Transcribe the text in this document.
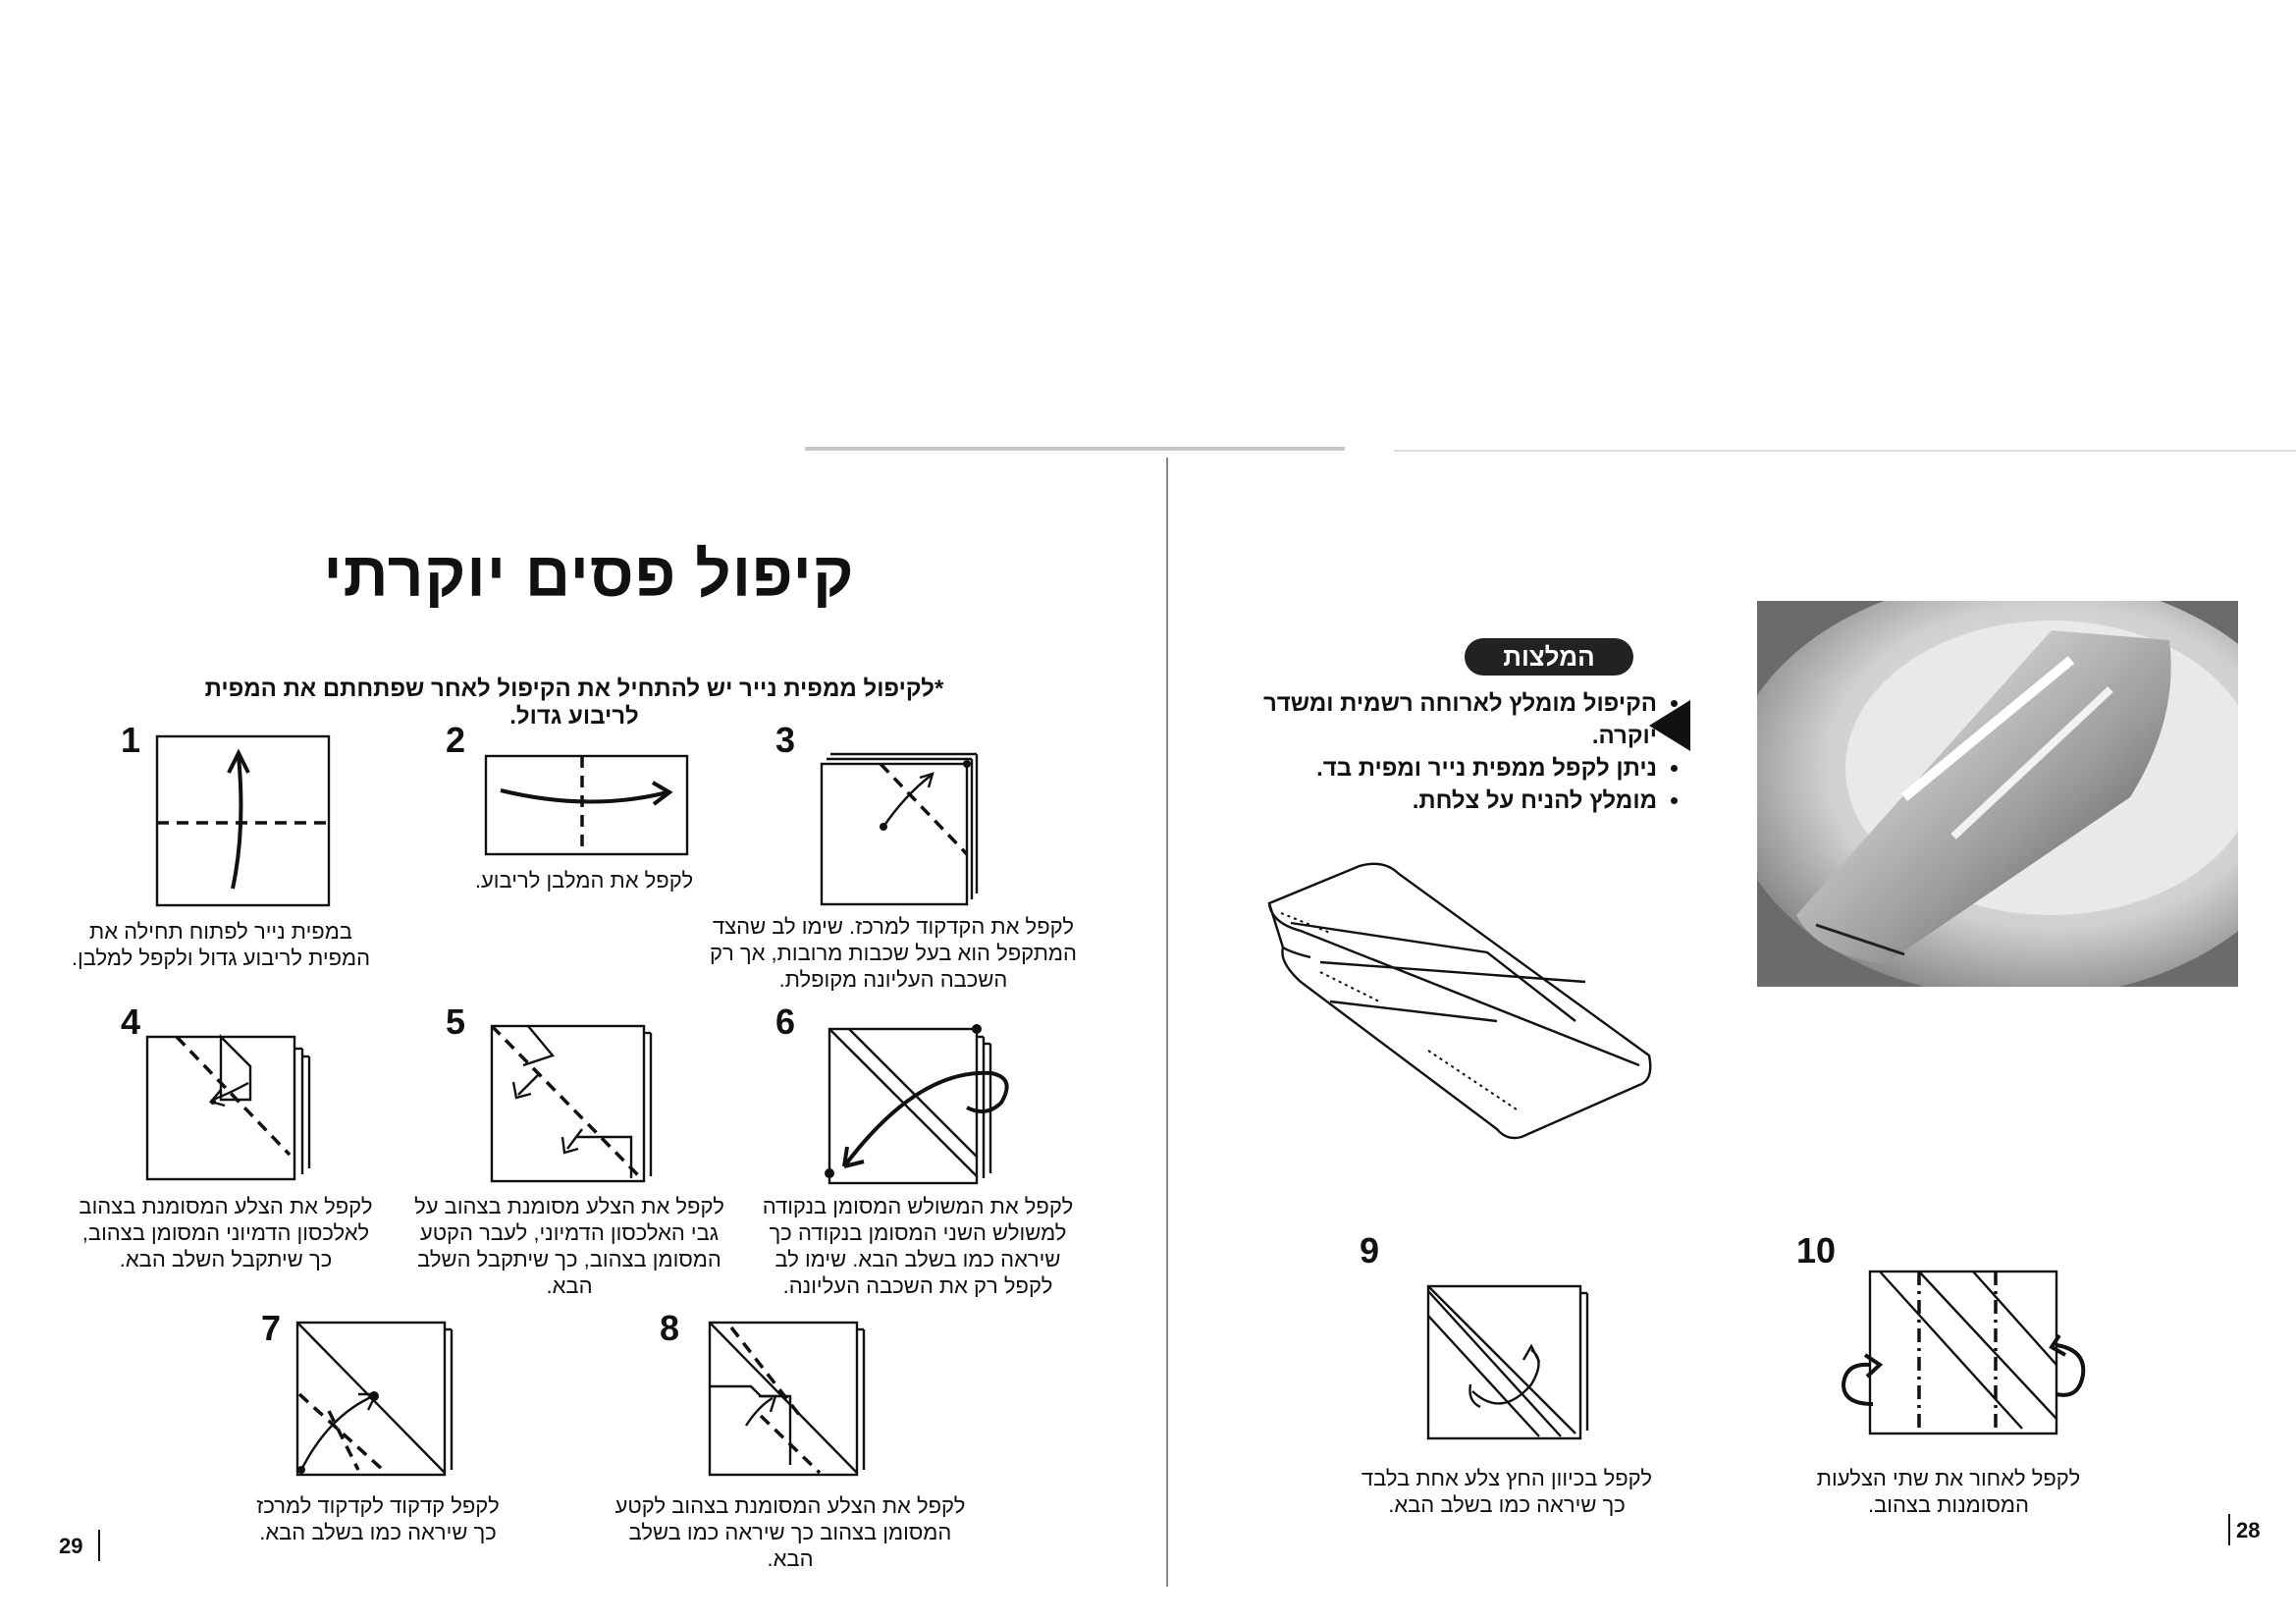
קיפול פסים יוקרתי
*לקיפול ממפית נייר יש להתחיל את הקיפול לאחר שפתחתם את המפית לריבוע גדול.
1	2	3
4	5	6
7	8
במפית נייר לפתוח תחילה את המפית לריבוע גדול ולקפל למלבן.
לקפל את המלבן לריבוע.
לקפל את הקדקוד למרכז. שימו לב שהצד המתקפל הוא בעל שכבות מרובות, אך רק השכבה העליונה מקופלת.
לקפל את הצלע המסומנת בצהוב לאלכסון הדמיוני המסומן בצהוב, כך שיתקבל השלב הבא.
לקפל את הצלע מסומנת בצהוב על גבי האלכסון הדמיוני, לעבר הקטע המסומן בצהוב, כך שיתקבל השלב הבא.
לקפל את המשולש המסומן בנקודה למשולש השני המסומן בנקודה כך שיראה כמו בשלב הבא. שימו לב לקפל רק את השכבה העליונה.
לקפל קדקוד לקדקוד למרכז כך שיראה כמו בשלב הבא.
לקפל את הצלע המסומנת בצהוב לקטע המסומן בצהוב כך שיראה כמו בשלב הבא.
29
המלצות
• הקיפול מומלץ לארוחה רשמית ומשדר יוקרה.
• ניתן לקפל ממפית נייר ומפית בד.
• מומלץ להניח על צלחת.
9	10
לקפל בכיוון החץ צלע אחת בלבד כך שיראה כמו בשלב הבא.
לקפל לאחור את שתי הצלעות המסומנות בצהוב.
28
